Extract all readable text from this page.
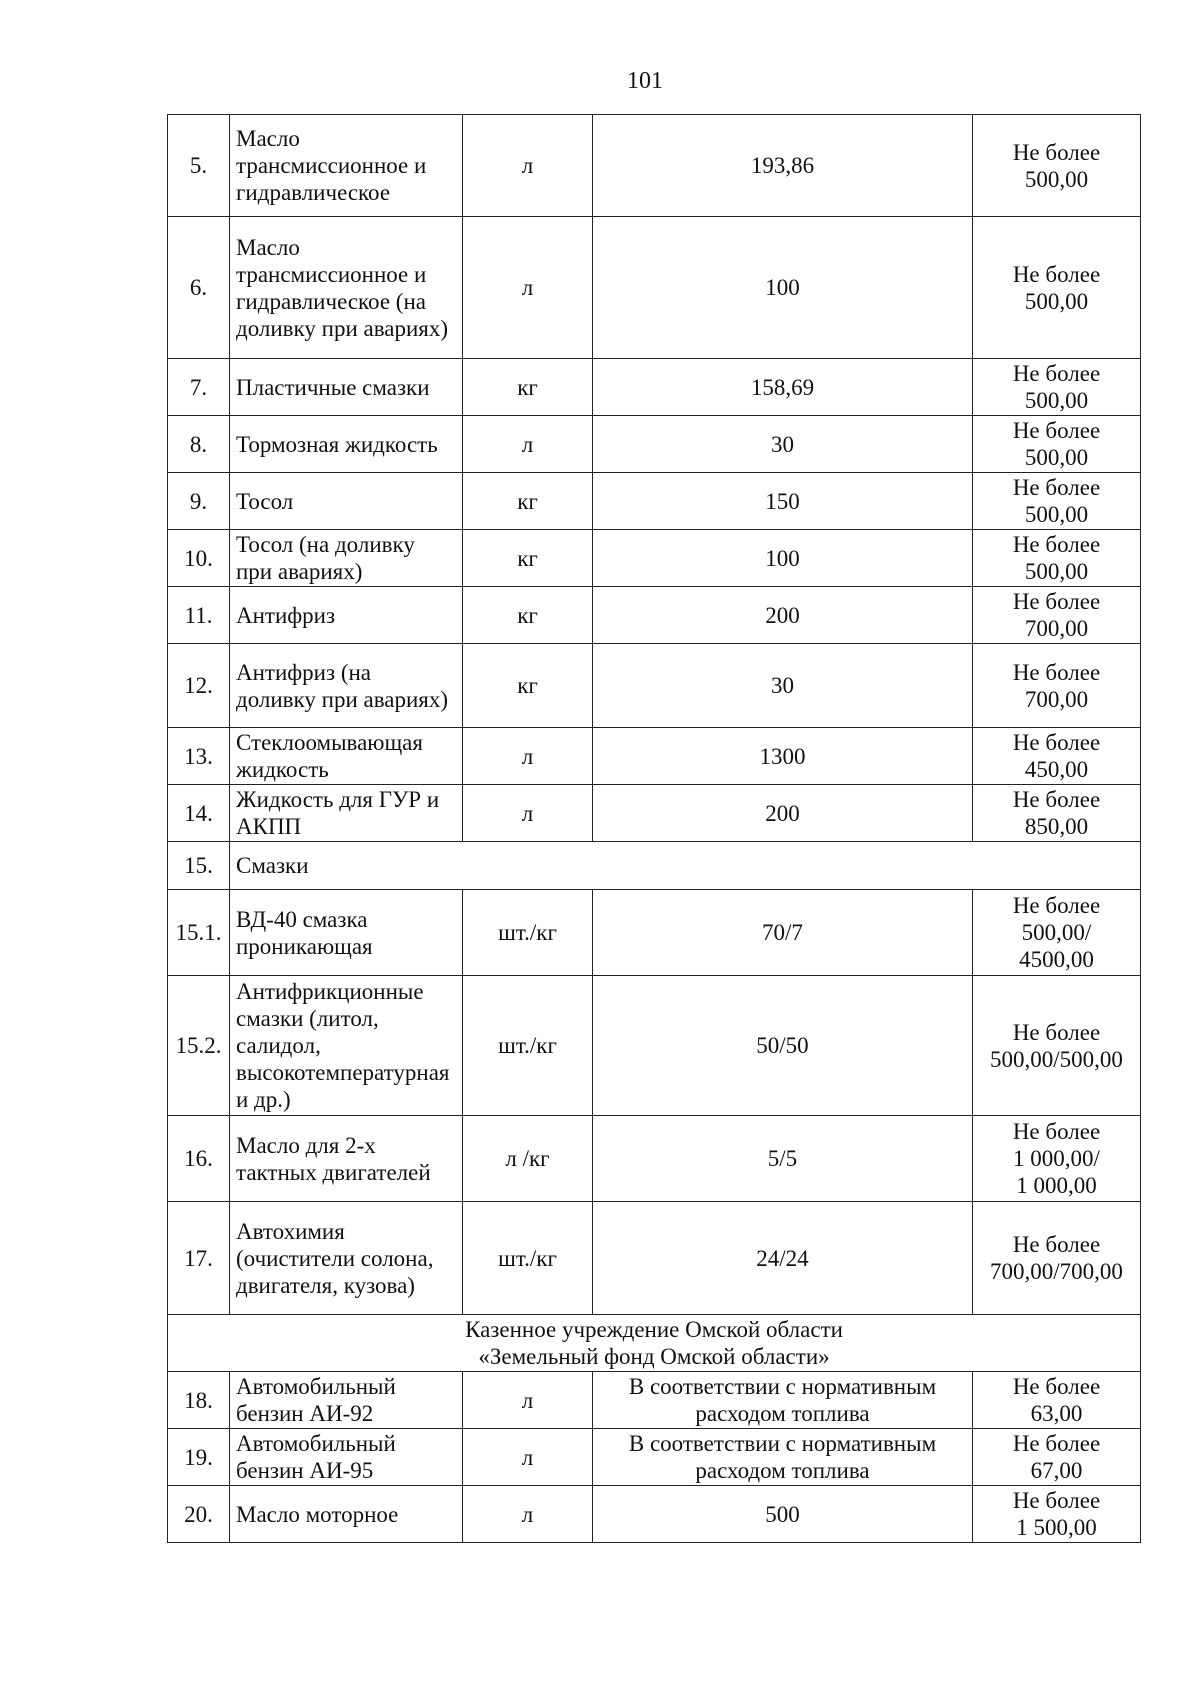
101
5.	Масло трансмиссионное и гидравлическое	л	193,86	Не более
500,00

6.	Масло трансмиссионное и гидравлическое (на доливку при авариях)	л	100	Не более
500,00

7.	Пластичные смазки	кг	158,69	Не более
500,00

8.	Тормозная жидкость	л	30	Не более
500,00

9.	Тосол	кг	150	Не более
500,00

10.	Тосол (на доливку при авариях)	кг	100	Не более
500,00

11.	Антифриз	кг	200	Не более
700,00

12.	Антифриз (на доливку при авариях)	кг	30	Не более
700,00

13.	Стеклоомывающая жидкость	л	1300	Не более
450,00

14.	Жидкость для ГУР и АКПП	л	200	Не более
850,00

15.	Смазки			
15.1.	ВД-40 смазка проникающая	шт./кг	70/7	Не более
500,00/
4500,00

15.2.	Антифрикционные смазки (литол, салидол, высокотемпературная и др.)	шт./кг	50/50	Не более
500,00/500,00

16.	Масло для 2-х тактных двигателей	л /кг	5/5	Не более
1 000,00/
1 000,00

17.	Автохимия (очистители солона, двигателя, кузова)	шт./кг	24/24	Не более
700,00/700,00

Казенное учреждение Омской области
«Земельный фонд Омской области»				

18.	Автомобильный бензин АИ-92	л	В соответствии с нормативным
расходом топлива	Не более
63,00

19.	Автомобильный бензин АИ-95	л	В соответствии с нормативным
расходом топлива	Не более
67,00

20.	Масло моторное	л	500	Не более
1 500,00
